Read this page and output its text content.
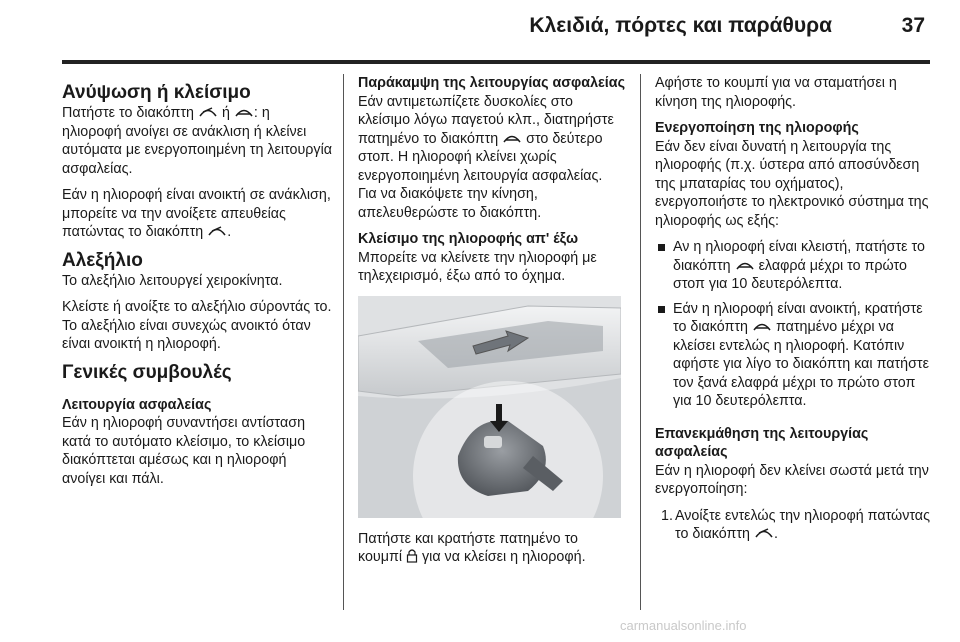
Κλειδιά, πόρτες και παράθυρα	37
Ανύψωση ή κλείσιμο

Πατήστε το διακόπτη ή : η ηλιοροφή ανοίγει σε ανάκλιση ή κλείνει αυτόματα με ενεργοποιημένη τη λειτουργία ασφαλείας.

Εάν η ηλιοροφή είναι ανοικτή σε ανάκλιση, μπορείτε να την ανοίξετε απευθείας πατώντας το διακόπτη .

Αλεξήλιο

Το αλεξήλιο λειτουργεί χειροκίνητα.

Κλείστε ή ανοίξτε το αλεξήλιο σύροντάς το. Το αλεξήλιο είναι συνεχώς ανοικτό όταν είναι ανοικτή η ηλιοροφή.

Γενικές συμβουλές
Λειτουργία ασφαλείας

Εάν η ηλιοροφή συναντήσει αντίσταση κατά το αυτόματο κλείσιμο, το κλείσιμο διακόπτεται αμέσως και η ηλιοροφή ανοίγει και πάλι.

Παράκαμψη της λειτουργίας ασφαλείας

Εάν αντιμετωπίζετε δυσκολίες στο κλείσιμο λόγω παγετού κλπ., διατηρήστε πατημένο το διακόπτη στο δεύτερο στοπ. Η ηλιοροφή κλείνει χωρίς ενεργοποιημένη λειτουργία ασφαλείας. Για να διακόψετε την κίνηση, απελευθερώστε το διακόπτη.

Κλείσιμο της ηλιοροφής απ' έξω

Μπορείτε να κλείνετε την ηλιοροφή με τηλεχειρισμό, έξω από το όχημα.

Πατήστε και κρατήστε πατημένο το κουμπί για να κλείσει η ηλιοροφή.

Αφήστε το κουμπί για να σταματήσει η κίνηση της ηλιοροφής.

Ενεργοποίηση της ηλιοροφής

Εάν δεν είναι δυνατή η λειτουργία της ηλιοροφής (π.χ. ύστερα από αποσύνδεση της μπαταρίας του οχήματος), ενεργοποιήστε το ηλεκτρονικό σύστημα της ηλιοροφής ως εξής:

Αν η ηλιοροφή είναι κλειστή, πατήστε το διακόπτη ελαφρά μέχρι το πρώτο στοπ για 10 δευτερόλεπτα.
Εάν η ηλιοροφή είναι ανοικτή, κρατήστε το διακόπτη πατημένο μέχρι να κλείσει εντελώς η ηλιοροφή. Κατόπιν αφήστε για λίγο το διακόπτη και πατήστε τον ξανά ελαφρά μέχρι το πρώτο στοπ για 10 δευτερόλεπτα.
Επανεκμάθηση της λειτουργίας ασφαλείας

Εάν η ηλιοροφή δεν κλείνει σωστά μετά την ενεργοποίηση:

1. Ανοίξτε εντελώς την ηλιοροφή πατώντας το διακόπτη .
carmanualsonline.info
